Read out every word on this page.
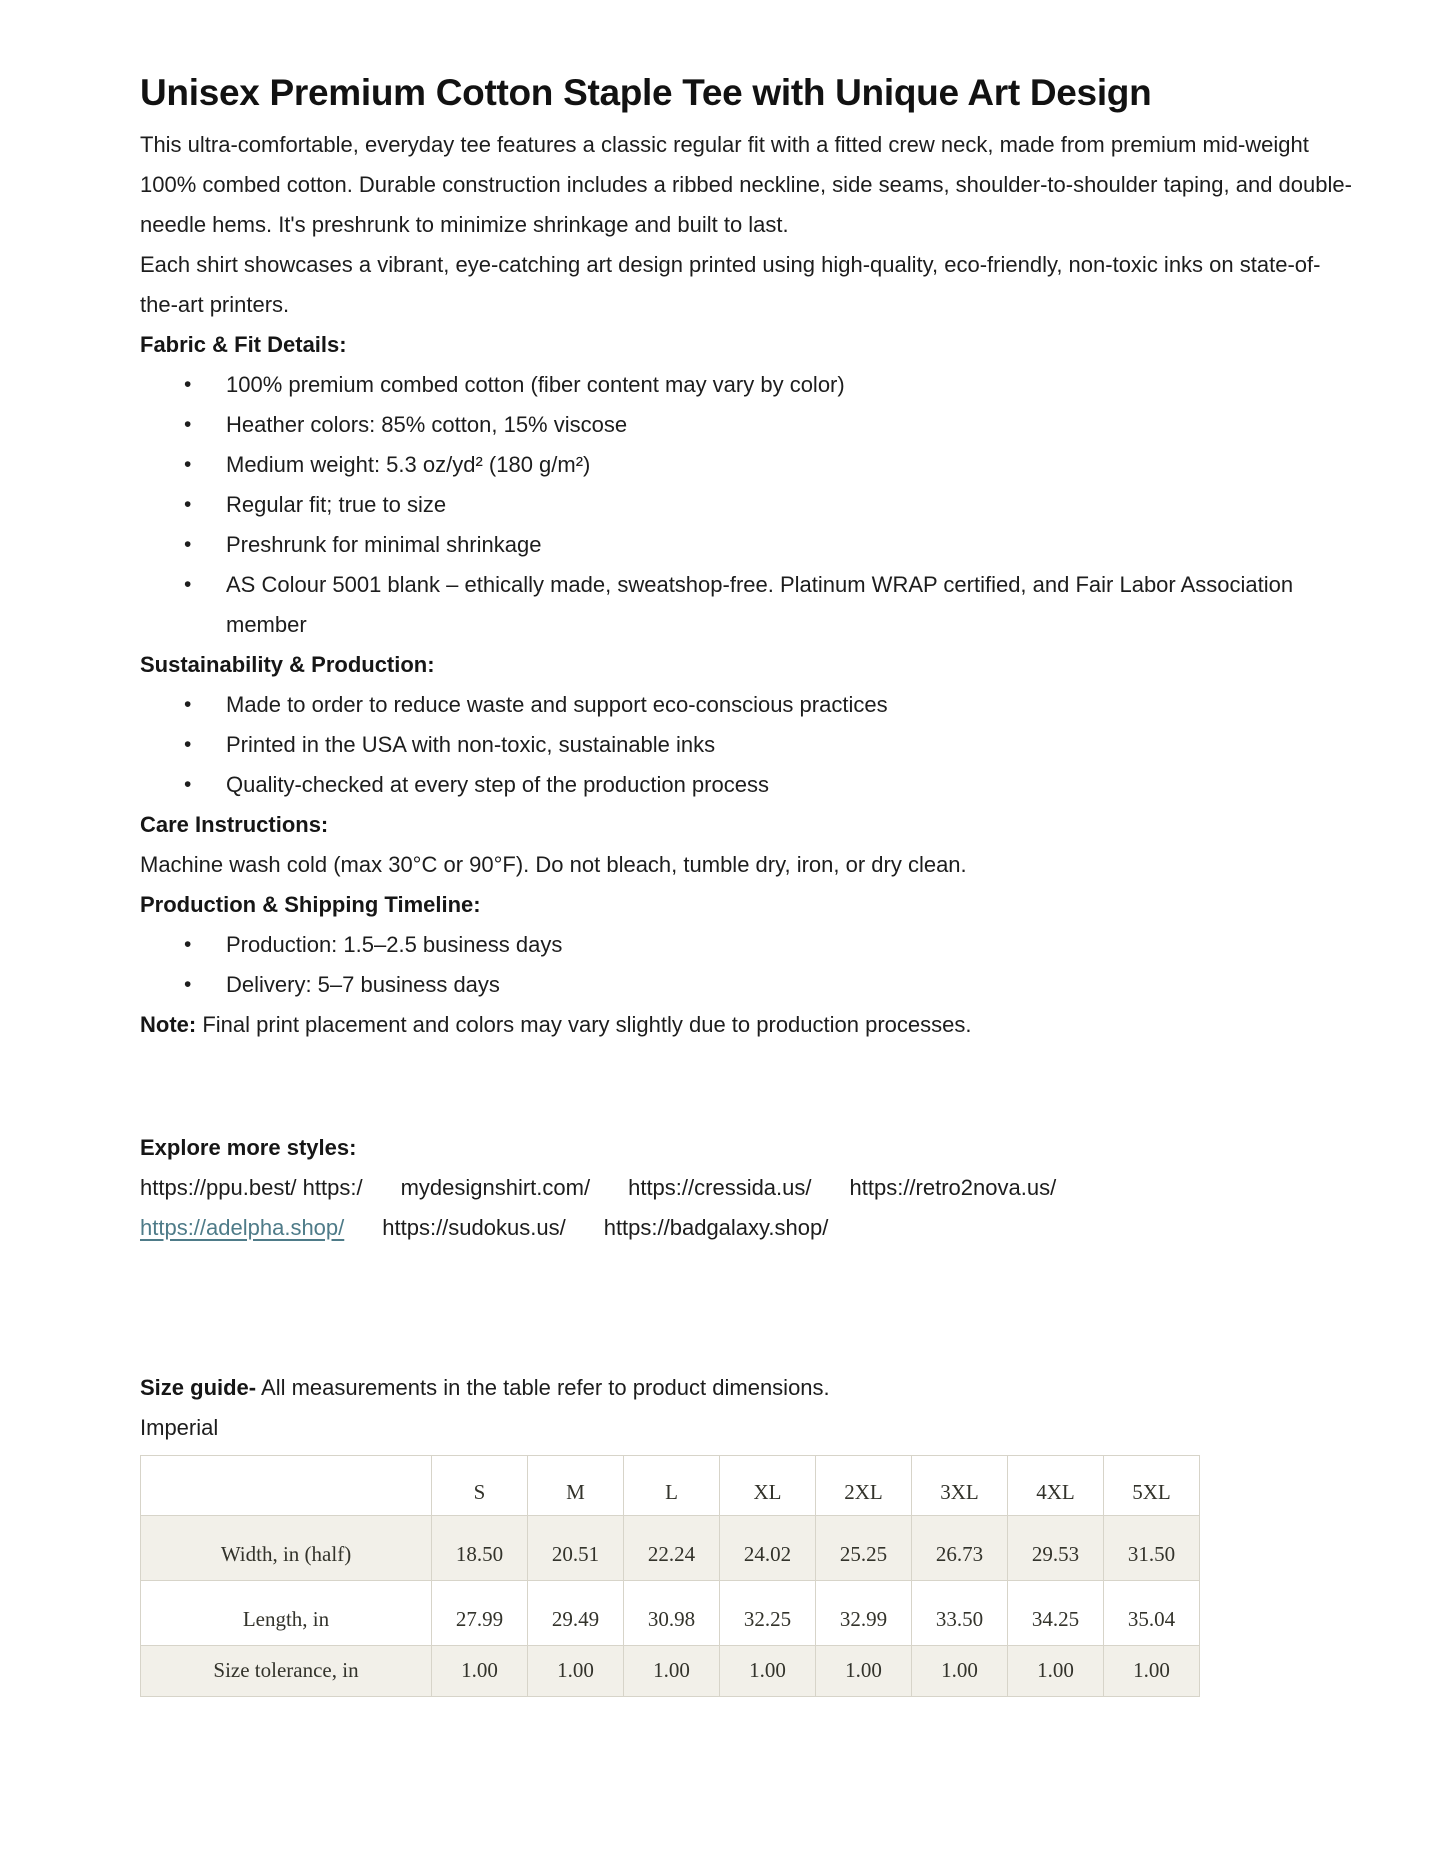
Unisex Premium Cotton Staple Tee with Unique Art Design

This ultra-comfortable, everyday tee features a classic regular fit with a fitted crew neck, made from premium mid-weight 100% combed cotton. Durable construction includes a ribbed neckline, side seams, shoulder-to-shoulder taping, and double-needle hems. It's preshrunk to minimize shrinkage and built to last.

Each shirt showcases a vibrant, eye-catching art design printed using high-quality, eco-friendly, non-toxic inks on state-of-the-art printers.

Fabric & Fit Details:
• 100% premium combed cotton (fiber content may vary by color)
• Heather colors: 85% cotton, 15% viscose
• Medium weight: 5.3 oz/yd² (180 g/m²)
• Regular fit; true to size
• Preshrunk for minimal shrinkage
• AS Colour 5001 blank – ethically made, sweatshop-free. Platinum WRAP certified, and Fair Labor Association member
Sustainability & Production:
• Made to order to reduce waste and support eco-conscious practices
• Printed in the USA with non-toxic, sustainable inks
• Quality-checked at every step of the production process
Care Instructions:

Machine wash cold (max 30°C or 90°F). Do not bleach, tumble dry, iron, or dry clean.

Production & Shipping Timeline:
• Production: 1.5–2.5 business days
• Delivery: 5–7 business days

Note: Final print placement and colors may vary slightly due to production processes.

Explore more styles:

https://ppu.best/ https:/ mydesignshirt.com/ https://cressida.us/ https://retro2nova.us/

https://adelpha.shop/ https://sudokus.us/ https://badgalaxy.shop/

Size guide- All measurements in the table refer to product dimensions.

Imperial

	S	M	L	XL	2XL	3XL	4XL	5XL
Width, in (half)	18.50	20.51	22.24	24.02	25.25	26.73	29.53	31.50
Length, in	27.99	29.49	30.98	32.25	32.99	33.50	34.25	35.04
Size tolerance, in	1.00	1.00	1.00	1.00	1.00	1.00	1.00	1.00
